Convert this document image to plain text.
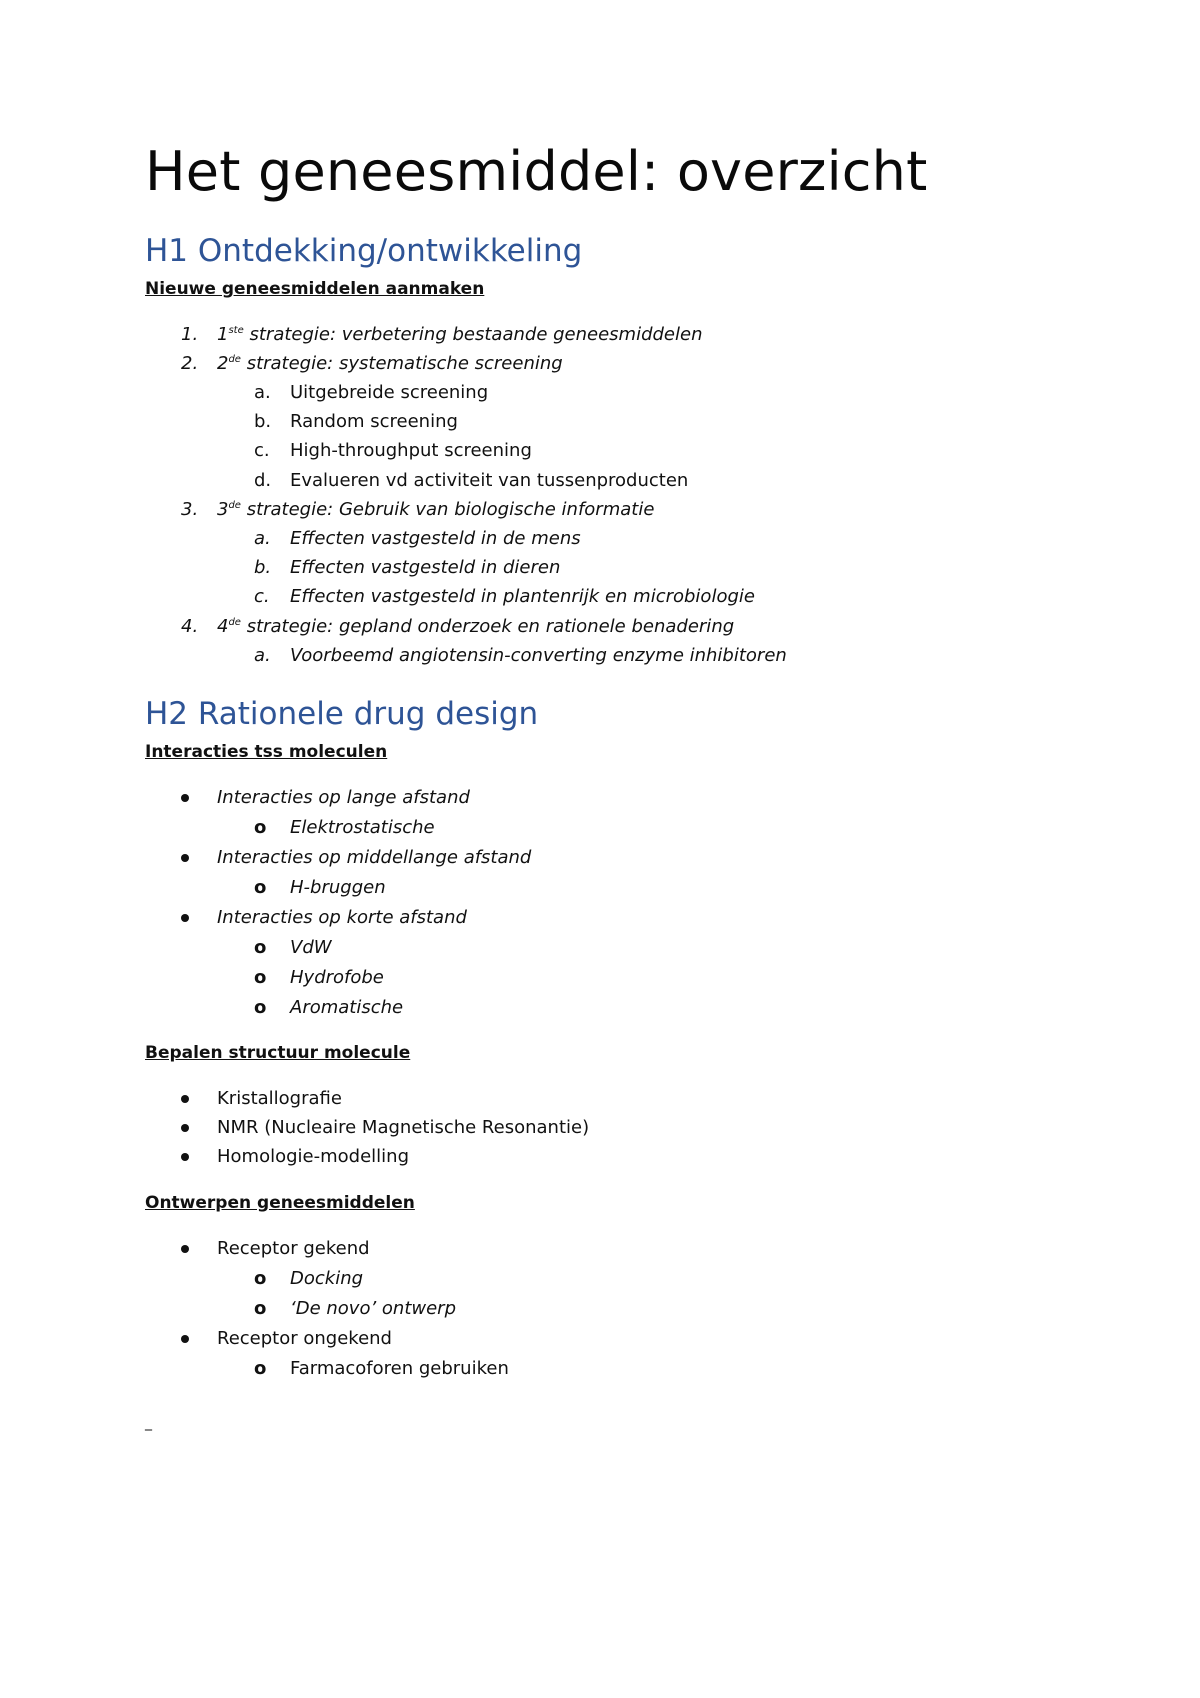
Het geneesmiddel: overzicht
H1 Ontdekking/ontwikkeling
Nieuwe geneesmiddelen aanmaken
1. 1ste strategie: verbetering bestaande geneesmiddelen
2. 2de strategie: systematische screening
a. Uitgebreide screening
b. Random screening
c. High-throughput screening
d. Evalueren vd activiteit van tussenproducten
3. 3de strategie: Gebruik van biologische informatie
a. Effecten vastgesteld in de mens
b. Effecten vastgesteld in dieren
c. Effecten vastgesteld in plantenrijk en microbiologie
4. 4de strategie: gepland onderzoek en rationele benadering
a. Voorbeemd angiotensin-converting enzyme inhibitoren
H2 Rationele drug design
Interacties tss moleculen
Interacties op lange afstand
o Elektrostatische
Interacties op middellange afstand
o H-bruggen
Interacties op korte afstand
o VdW
o Hydrofobe
o Aromatische
Bepalen structuur molecule
Kristallografie
NMR (Nucleaire Magnetische Resonantie)
Homologie-modelling
Ontwerpen geneesmiddelen
Receptor gekend
o Docking
o ‘De novo’ ontwerp
Receptor ongekend
o Farmacoforen gebruiken
_
